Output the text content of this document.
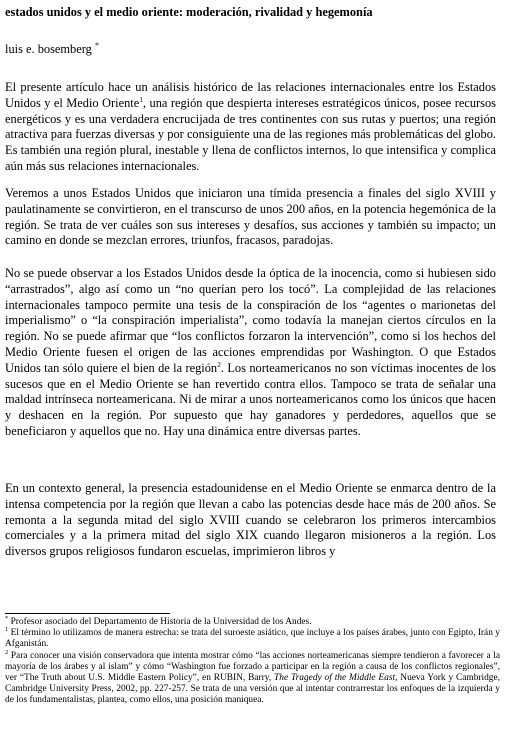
estados unidos y el medio oriente: moderación, rivalidad y hegemonía
luis e. bosemberg *
El presente artículo hace un análisis histórico de las relaciones internacionales entre los Estados Unidos y el Medio Oriente$^1$, una región que despierta intereses estratégicos únicos, posee recursos energéticos y es una verdadera encrucijada de tres continentes con sus rutas y puertos; una región atractiva para fuerzas diversas y por consiguiente una de las regiones más problemáticas del globo. Es también una región plural, inestable y llena de conflictos internos, lo que intensifica y complica aún más sus relaciones internacionales.
Veremos a unos Estados Unidos que iniciaron una tímida presencia a finales del siglo XVIII y paulatinamente se convirtieron, en el transcurso de unos 200 años, en la potencia hegemónica de la región. Se trata de ver cuáles son sus intereses y desafíos, sus acciones y también su impacto; un camino en donde se mezclan errores, triunfos, fracasos, paradojas.
No se puede observar a los Estados Unidos desde la óptica de la inocencia, como si hubiesen sido “arrastrados”, algo así como un “no querían pero los tocó”. La complejidad de las relaciones internacionales tampoco permite una tesis de la conspiración de los “agentes o marionetas del imperialismo” o “la conspiración imperialista”, como todavía la manejan ciertos círculos en la región. No se puede afirmar que “los conflictos forzaron la intervención”, como si los hechos del Medio Oriente fuesen el origen de las acciones emprendidas por Washington. O que Estados Unidos tan sólo quiere el bien de la región$^2$. Los norteamericanos no son víctimas inocentes de los sucesos que en el Medio Oriente se han revertido contra ellos. Tampoco se trata de señalar una maldad intrínseca norteamericana. Ni de mirar a unos norteamericanos como los únicos que hacen y deshacen en la región. Por supuesto que hay ganadores y perdedores, aquellos que se beneficiaron y aquellos que no. Hay una dinámica entre diversas partes.
En un contexto general, la presencia estadounidense en el Medio Oriente se enmarca dentro de la intensa competencia por la región que llevan a cabo las potencias desde hace más de 200 años. Se remonta a la segunda mitad del siglo XVIII cuando se celebraron los primeros intercambios comerciales y a la primera mitad del siglo XIX cuando llegaron misioneros a la región. Los diversos grupos religiosos fundaron escuelas, imprimieron libros y
* Profesor asociado del Departamento de Historia de la Universidad de los Andes.
$^1$ El término lo utilizamos de manera estrecha: se trata del suroeste asiático, que incluye a los países árabes, junto con Egipto, Irán y Afganistán.
$^2$ Para conocer una visión conservadora que intenta mostrar cómo “las acciones norteamericanas siempre tendieron a favorecer a la mayoría de los árabes y al islam” y cómo “Washington fue forzado a participar en la región a causa de los conflictos regionales”, ver “The Truth about U.S. Middle Eastern Policy”, en RUBIN, Barry, The Tragedy of the Middle East, Nueva York y Cambridge, Cambridge University Press, 2002, pp. 227-257. Se trata de una versión que al intentar contrarrestar los enfoques de la izquierda y de los fundamentalistas, plantea, como ellos, una posición maniquea.
